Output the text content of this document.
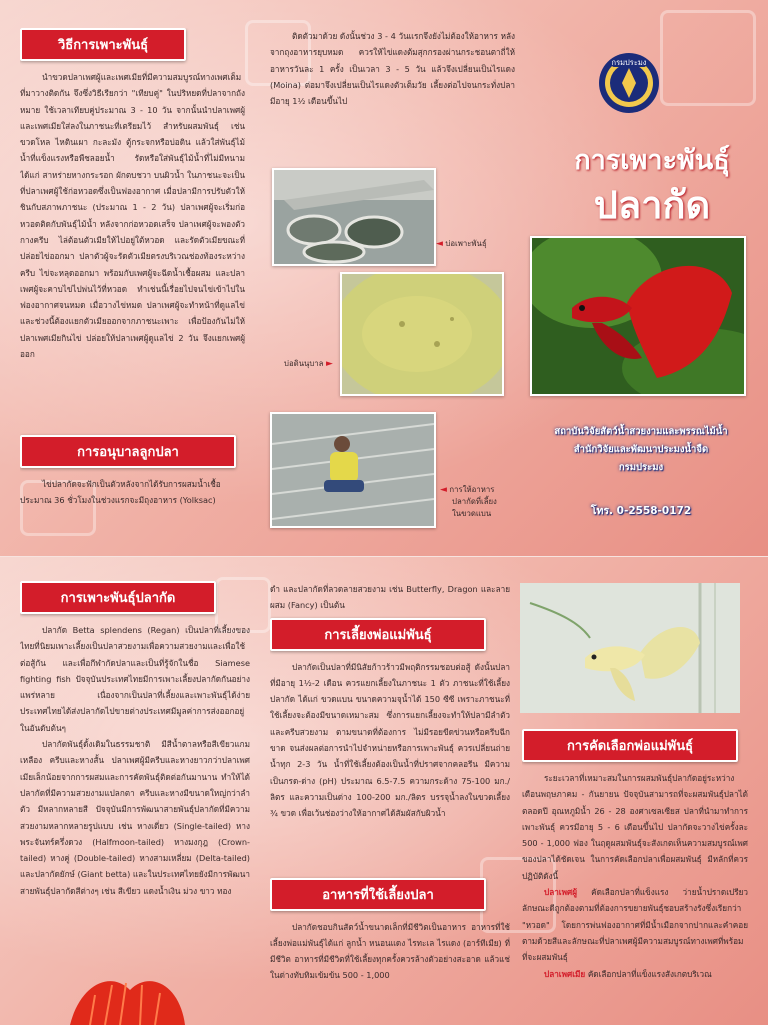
วิธีการเพาะพันธุ์

นำขวดปลาเพศผู้และเพศเมียที่มีความสมบูรณ์ทางเพศเต็มที่มาวางติดกัน จึงซึ่งวิธีเรียกว่า "เทียบคู่" ในปริหยดที่ปลาจากถังหมาย ใช้เวลาเทียบคู่ประมาณ 3 - 10 วัน จากนั้นนำปลาเพศผู้และเพศเมียใส่ลงในภาชนะที่เตรียมไว้ สำหรับผสมพันธุ์ เช่น ขวดโหล ไหดินเผา กะละมัง ตู้กระจกหรือบ่อดิน แล้วใส่พันธุ์ไม้น้ำที่แข็งแรงหรือพืชลอยน้ำ รัดหรือใส่พันธุ์ไม้น้ำที่ไม่มีหนาม ได้แก่ สาหร่ายหางกระรอก ผักตบชวา บนผิวน้ำ ในภาชนะจะเป็นที่ปลาเพศผู้ใช้ก่อหวอดซึ่งเป็นฟองอากาศ เมื่อปลามีการปรับตัวให้ชินกับสภาพภาชนะ (ประมาณ 1 - 2 วัน) ปลาเพศผู้จะเริ่มก่อหวอดติดกับพันธุ์ไม้น้ำ หลังจากก่อหวอดเสร็จ ปลาเพศผู้จะพองตัว กางครีบ ไล่ต้อนตัวเมียให้ไปอยู่ใต้หวอด และรัดตัวเมียขณะที่ปล่อยไข่ออกมา ปลาตัวผู้จะรัดตัวเมียตรงบริเวณช่องท้องระหว่างครีบ ไข่จะหลุดออกมา พร้อมกับเพศผู้จะฉีดน้ำเชื้อผสม และปลาเพศผู้จะคาบไข่ไปพ่นไว้ที่หวอด ทำเช่นนี้เรื่อยไปจนไข่เข้าไปในฟองอากาศจนหมด เมื่อวางไข่หมด ปลาเพศผู้จะทำหน้าที่ดูแลไข่ และช่วงนี้ต้องแยกตัวเมียออกจากภาชนะเพาะ เพื่อป้องกันไม่ให้ปลาเพศเมียกินไข่ ปล่อยให้ปลาเพศผู้ดูแลไข่ 2 วัน จึงแยกเพศผู้ออก

การอนุบาลลูกปลา

ไข่ปลากัดจะฟักเป็นตัวหลังจากได้รับการผสมน้ำเชื้อประมาณ 36 ชั่วโมงในช่วงแรกจะมีถุงอาหาร (Yolksac)

ติดตัวมาด้วย ดังนั้นช่วง 3 - 4 วันแรกจึงยังไม่ต้องให้อาหาร หลังจากถุงอาหารยุบหมด ควรให้ไข่แดงต้มสุกกรองผ่านกระชอนตาถี่ให้อาหารวันละ 1 ครั้ง เป็นเวลา 3 - 5 วัน แล้วจึงเปลี่ยนเป็นไรแดง (Moina) ต่อมาจึงเปลี่ยนเป็นไรแดงตัวเต็มวัย เลี้ยงต่อไปจนกระทั่งปลามีอายุ 1½ เดือนขึ้นไป

◄ บ่อเพาะพันธุ์
บ่อดินนุบาล ►
◄ การให้อาหาร
ปลากัดที่เลี้ยง
ในขวดแบน
กรมประมง
การเพาะพันธุ์
ปลากัด
สถาบันวิจัยสัตว์น้ำสวยงามและพรรณไม้น้ำ
สำนักวิจัยและพัฒนาประมงน้ำจืด
กรมประมง
โทร. 0-2558-0172
การเพาะพันธุ์ปลากัด

ปลากัด Betta splendens (Regan) เป็นปลาที่เลี้ยงของไทยที่นิยมเพาะเลี้ยงเป็นปลาสวยงามเพื่อความสวยงามและเพื่อใช้ต่อสู้กัน และเพื่อกีฬากัดปลาและเป็นที่รู้จักในชื่อ Siamese fighting fish ปัจจุบันประเทศไทยมีการเพาะเลี้ยงปลากัดกันอย่างแพร่หลาย เนื่องจากเป็นปลาที่เลี้ยงและเพาะพันธุ์ได้ง่าย ประเทศไทยได้ส่งปลากัดไปขายต่างประเทศมีมูลค่าการส่งออกอยู่ในอันดับต้นๆ

ปลากัดพันธุ์ดั้งเดิมในธรรมชาติ มีสีน้ำตาลหรือสีเขียวแกมเหลือง ครีบและหางสั้น ปลาเพศผู้มีครีบและหางยาวกว่าปลาเพศเมียเล็กน้อยจากการผสมและการคัดพันธุ์ติดต่อกันมานาน ทำให้ได้ปลากัดที่มีความสวยงามแปลกตา ครีบและหางมีขนาดใหญ่กว่าลำตัว มีหลากหลายสี ปัจจุบันมีการพัฒนาสายพันธุ์ปลากัดที่มีความสวยงามหลากหลายรูปแบบ เช่น หางเดี่ยว (Single-tailed) หางพระจันทร์ครึ่งดวง (Halfmoon-tailed) หางมงกุฎ (Crown-tailed) หางคู่ (Double-tailed) หางสามเหลี่ยม (Delta-tailed) และปลากัดยักษ์ (Giant betta) และในประเทศไทยยังมีการพัฒนาสายพันธุ์ปลากัดสีต่างๆ เช่น สีเขียว แดงน้ำเงิน ม่วง ขาว ทอง

ดำ และปลากัดที่ลวดลายสวยงาม เช่น Butterfly, Dragon และลายผสม (Fancy) เป็นต้น

การเลี้ยงพ่อแม่พันธุ์

ปลากัดเป็นปลาที่มีนิสัยก้าวร้าวมีพฤติกรรมชอบต่อสู้ ดังนั้นปลาที่มีอายุ 1½-2 เดือน ควรแยกเลี้ยงในภาชนะ 1 ตัว ภาชนะที่ใช้เลี้ยงปลากัด ได้แก่ ขวดแบน ขนาดความจุน้ำได้ 150 ซีซี เพราะภาชนะที่ใช้เลี้ยงจะต้องมีขนาดเหมาะสม ซึ่งการแยกเลี้ยงจะทำให้ปลามีลำตัวและครีบสวยงาม ตามขนาดที่ต้องการ ไม่มีรอยขีดข่วนหรือครีบฉีกขาด จนส่งผลต่อการนำไปจำหน่ายหรือการเพาะพันธุ์ ควรเปลี่ยนถ่ายน้ำทุก 2-3 วัน น้ำที่ใช้เลี้ยงต้องเป็นน้ำที่ปราศจากคลอรีน มีความเป็นกรด-ด่าง (pH) ประมาณ 6.5-7.5 ความกระด้าง 75-100 มก./ลิตร และความเป็นด่าง 100-200 มก./ลิตร บรรจุน้ำลงในขวดเลี้ยง ¾ ขวด เพื่อเว้นช่องว่างให้อากาศได้สัมผัสกับผิวน้ำ

อาหารที่ใช้เลี้ยงปลา

ปลากัดชอบกินสัตว์น้ำขนาดเล็กที่มีชีวิตเป็นอาหาร อาหารที่ใช้เลี้ยงพ่อแม่พันธุ์ได้แก่ ลูกน้ำ หนอนแดง ไรทะเล ไรแดง (อาร์ทีเมีย) ที่มีชีวิต อาหารที่มีชีวิตที่ใช้เลี้ยงทุกครั้งควรล้างตัวอย่างสะอาด แล้วแช่ในด่างทับทิมเข้มข้น 500 - 1,000

การคัดเลือกพ่อแม่พันธุ์

ระยะเวลาที่เหมาะสมในการผสมพันธุ์ปลากัดอยู่ระหว่างเดือนพฤษภาคม - กันยายน ปัจจุบันสามารถที่จะผสมพันธุ์ปลาได้ตลอดปี อุณหภูมิน้ำ 26 - 28 องศาเซลเซียส ปลาที่นำมาทำการเพาะพันธุ์ ควรมีอายุ 5 - 6 เดือนขึ้นไป ปลากัดจะวางไข่ครั้งละ 500 - 1,000 ฟอง ในฤดูผสมพันธุ์จะสังเกตเห็นความสมบูรณ์เพศของปลาได้ชัดเจน ในการคัดเลือกปลาเพื่อผสมพันธุ์ มีหลักที่ควรปฏิบัติดังนี้

ปลาเพศผู้ คัดเลือกปลาที่แข็งแรง ว่ายน้ำปราดเปรียว ลักษณะดีถูกต้องตามที่ต้องการขยายพันธุ์ชอบสร้างรังซึ่งเรียกว่า "หวอด" โดยการพ่นฟองอากาศที่มีน้ำเมือกจากปากและคำคอยตามด้วยสีและลักษณะที่ปลาเพศผู้มีความสมบูรณ์ทางเพศที่พร้อมที่จะผสมพันธุ์

ปลาเพศเมีย คัดเลือกปลาที่แข็งแรงสังเกตบริเวณ
